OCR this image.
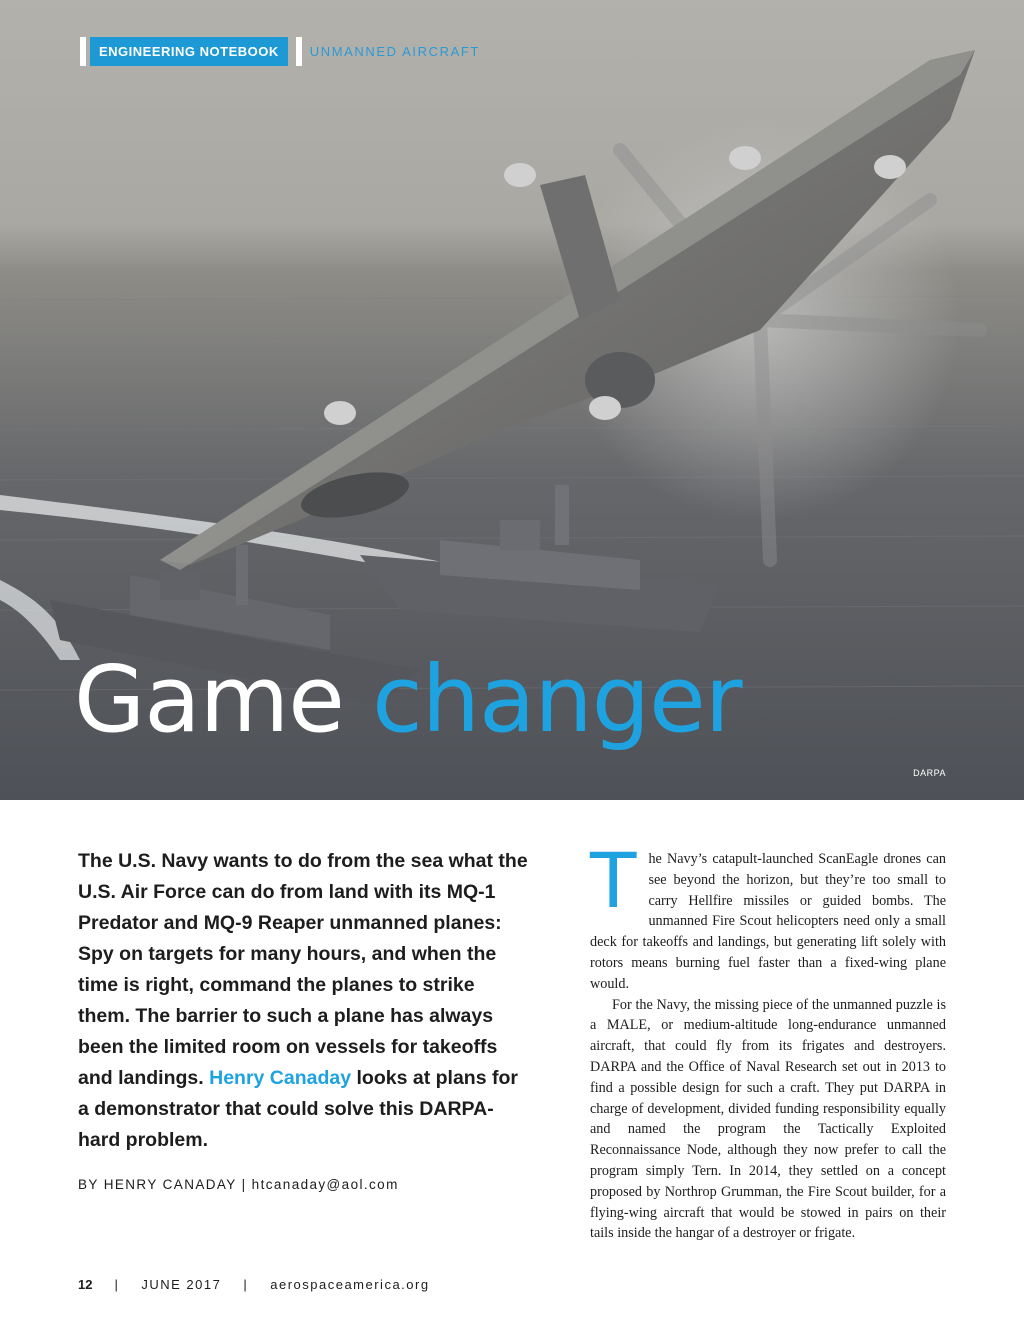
ENGINEERING NOTEBOOK	UNMANNED AIRCRAFT
Game changer
DARPA
The U.S. Navy wants to do from the sea what the U.S. Air Force can do from land with its MQ-1 Predator and MQ-9 Reaper unmanned planes: Spy on targets for many hours, and when the time is right, command the planes to strike them. The barrier to such a plane has always been the limited room on vessels for takeoffs and landings. Henry Canaday looks at plans for a demonstrator that could solve this DARPA-hard problem.
BY HENRY CANADAY | htcanaday@aol.com
T he Navy’s catapult-launched ScanEagle drones can see beyond the horizon, but they’re too small to carry Hellfire missiles or guided bombs. The unmanned Fire Scout helicopters need only a small deck for takeoffs and landings, but generating lift solely with rotors means burning fuel faster than a fixed-wing plane would.

For the Navy, the missing piece of the unmanned puzzle is a MALE, or medium-altitude long-endurance unmanned aircraft, that could fly from its frigates and destroyers. DARPA and the Office of Naval Research set out in 2013 to find a possible design for such a craft. They put DARPA in charge of development, divided funding responsibility equally and named the program the Tactically Exploited Reconnaissance Node, although they now prefer to call the program simply Tern. In 2014, they settled on a concept proposed by Northrop Grumman, the Fire Scout builder, for a flying-wing aircraft that would be stowed in pairs on their tails inside the hangar of a destroyer or frigate.

12 | JUNE 2017 | aerospaceamerica.org
